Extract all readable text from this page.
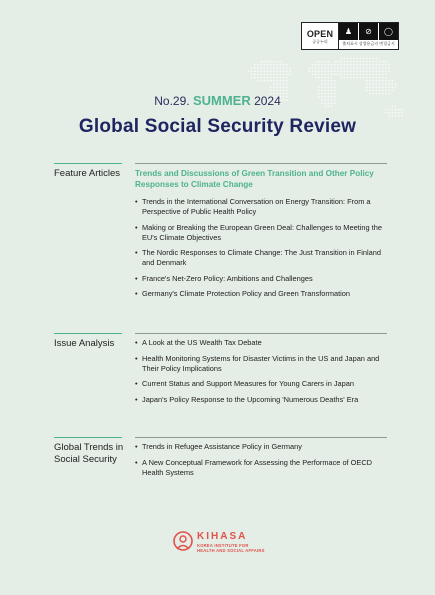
OPEN
공공누리
♟	⊘	◯
출처표시 상업용금지 변경금지
No.29. SUMMER 2024
Global Social Security Review
Feature Articles	Trends and Discussions of Green Transition and Other Policy Responses to Climate Change
• Trends in the International Conversation on Energy Transition: From a Perspective of Public Health Policy
• Making or Breaking the European Green Deal: Challenges to Meeting the EU's Climate Objectives
• The Nordic Responses to Climate Change: The Just Transition in Finland and Denmark
• France's Net-Zero Policy: Ambitions and Challenges
• Germany's Climate Protection Policy and Green Transformation
Issue Analysis	• A Look at the US Wealth Tax Debate
• Health Monitoring Systems for Disaster Victims in the US and Japan and Their Policy Implications
• Current Status and Support Measures for Young Carers in Japan
• Japan's Policy Response to the Upcoming 'Numerous Deaths' Era
Global Trends in Social Security
• Trends in Refugee Assistance Policy in Germany
• A New Conceptual Framework for Assessing the Performace of OECD Health Systems
KIHASA
KOREA INSTITUTE FOR
HEALTH AND SOCIAL AFFAIRS
